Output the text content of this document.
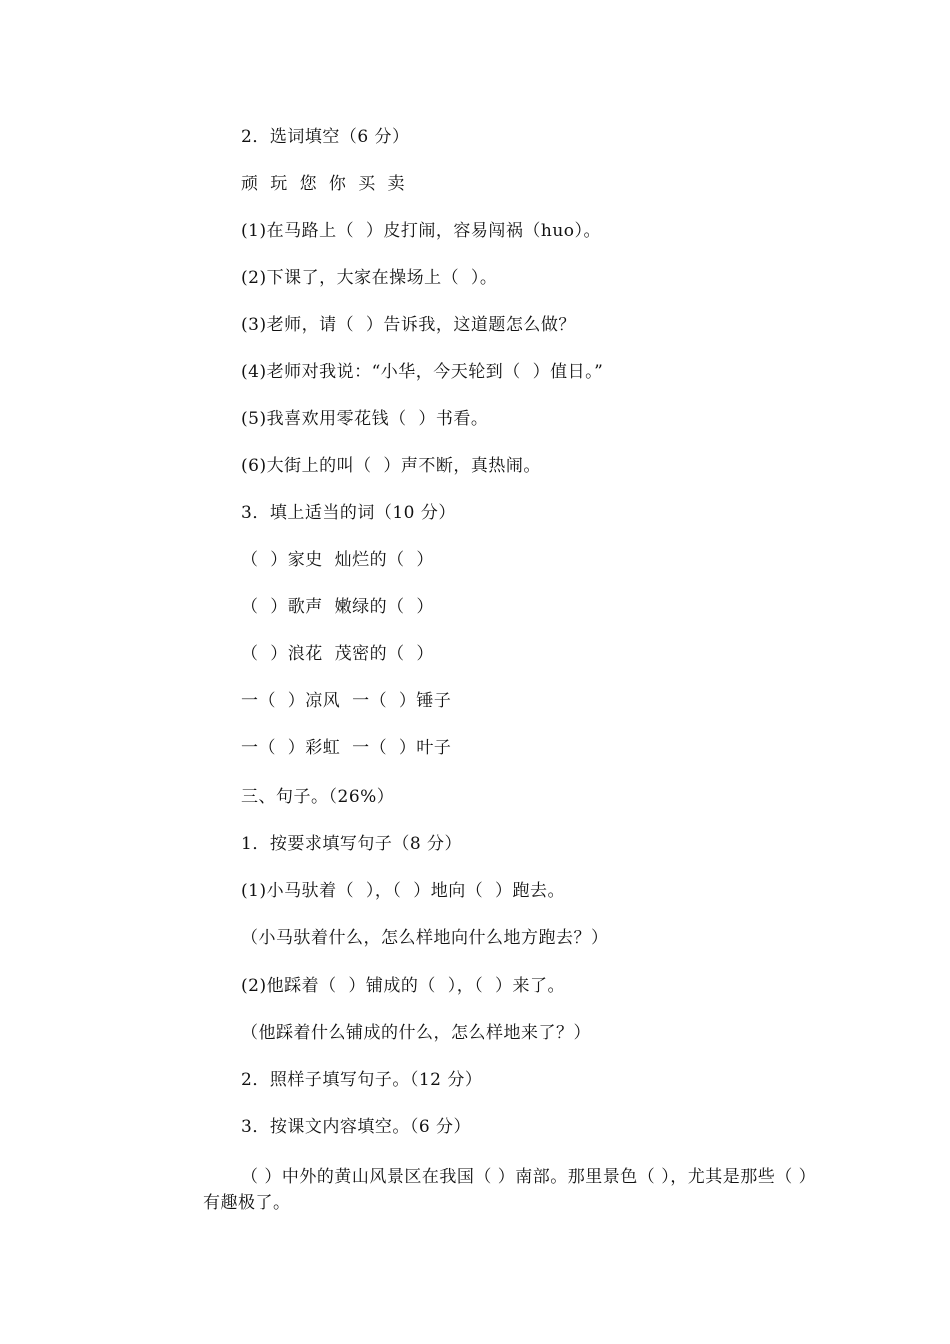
2．选词填空（6 分）
顽  玩  您  你  买  卖
(1)在马路上（  ）皮打闹，容易闯祸（huo）。
(2)下课了，大家在操场上（  ）。
(3)老师，请（  ）告诉我，这道题怎么做？
(4)老师对我说：“小华，今天轮到（  ）值日。”
(5)我喜欢用零花钱（  ）书看。
(6)大街上的叫（  ）声不断，真热闹。
3．填上适当的词（10 分）
（  ）家史  灿烂的（  ）
（  ）歌声  嫩绿的（  ）
（  ）浪花  茂密的（  ）
一（  ）凉风  一（  ）锤子
一（  ）彩虹  一（  ）叶子
三、句子。（26%）
1．按要求填写句子（8 分）
(1)小马驮着（  ），（  ）地向（  ）跑去。
（小马驮着什么，怎么样地向什么地方跑去？）
(2)他踩着（  ）铺成的（  ），（  ）来了。
（他踩着什么铺成的什么，怎么样地来了？）
2．照样子填写句子。（12 分）
3．按课文内容填空。（6 分）
（ ）中外的黄山风景区在我国（ ）南部。那里景色（ ），尤其是那些（ ）有趣极了。
